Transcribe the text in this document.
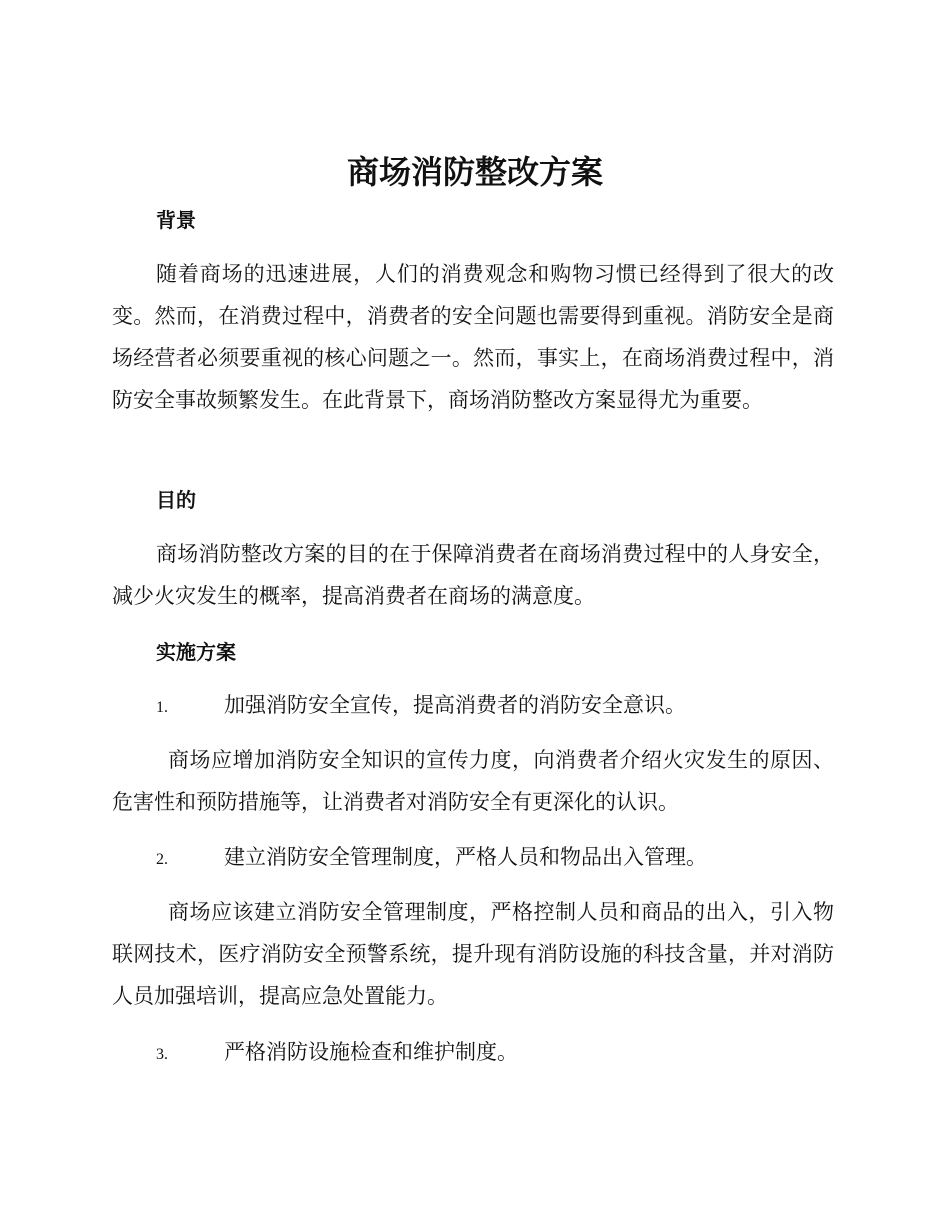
商场消防整改方案
背景

随着商场的迅速进展，人们的消费观念和购物习惯已经得到了很大的改变。然而，在消费过程中，消费者的安全问题也需要得到重视。消防安全是商场经营者必须要重视的核心问题之一。然而，事实上，在商场消费过程中，消防安全事故频繁发生。在此背景下，商场消防整改方案显得尤为重要。

目的

商场消防整改方案的目的在于保障消费者在商场消费过程中的人身安全，减少火灾发生的概率，提高消费者在商场的满意度。

实施方案
1.	加强消防安全宣传，提高消费者的消防安全意识。

商场应增加消防安全知识的宣传力度，向消费者介绍火灾发生的原因、危害性和预防措施等，让消费者对消防安全有更深化的认识。

2.	建立消防安全管理制度，严格人员和物品出入管理。

商场应该建立消防安全管理制度，严格控制人员和商品的出入，引入物联网技术，医疗消防安全预警系统，提升现有消防设施的科技含量，并对消防人员加强培训，提高应急处置能力。

3.	严格消防设施检查和维护制度。
